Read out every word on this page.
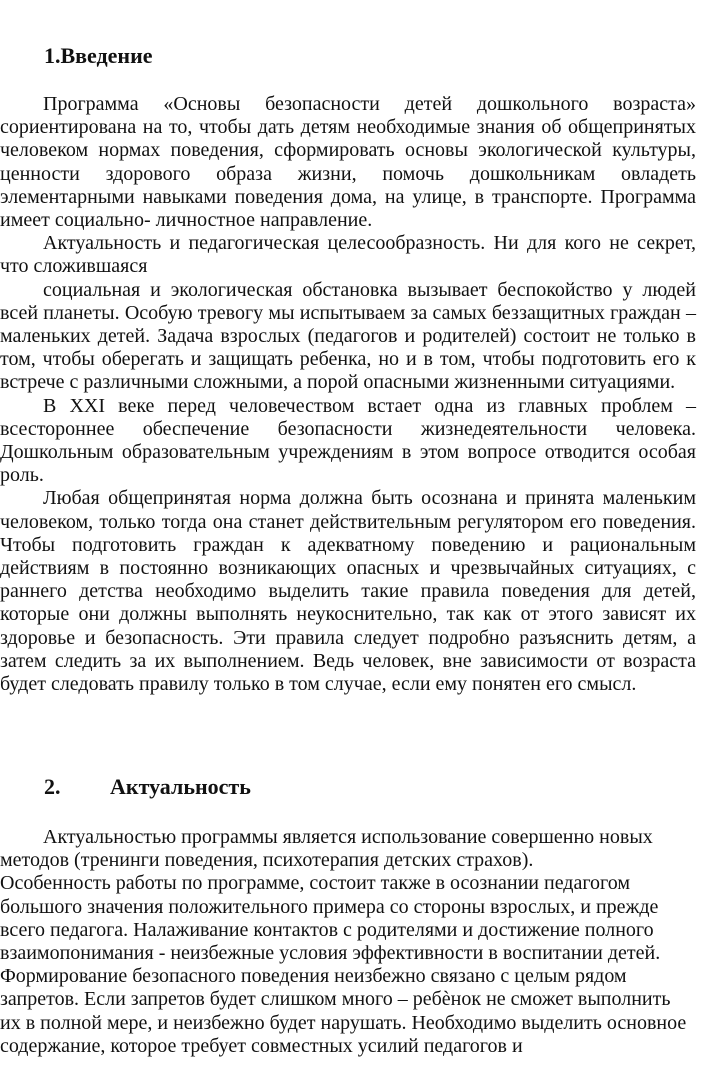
1.Введение

Программа «Основы безопасности детей дошкольного возраста» сориентирована на то, чтобы дать детям необходимые знания об общепринятых человеком нормах поведения, сформировать основы экологической культуры, ценности здорового образа жизни, помочь дошкольникам овладеть элементарными навыками поведения дома, на улице, в транспорте. Программа имеет социально- личностное направление.

Актуальность и педагогическая целесообразность. Ни для кого не секрет, что сложившаяся

социальная и экологическая обстановка вызывает беспокойство у людей всей планеты. Особую тревогу мы испытываем за самых беззащитных граждан – маленьких детей. Задача взрослых (педагогов и родителей) состоит не только в том, чтобы оберегать и защищать ребенка, но и в том, чтобы подготовить его к встрече с различными сложными, а порой опасными жизненными ситуациями.

В XXI веке перед человечеством встает одна из главных проблем – всестороннее обеспечение безопасности жизнедеятельности человека. Дошкольным образовательным учреждениям в этом вопросе отводится особая роль.

Любая общепринятая норма должна быть осознана и принята маленьким человеком, только тогда она станет действительным регулятором его поведения. Чтобы подготовить граждан к адекватному поведению и рациональным действиям в постоянно возникающих опасных и чрезвычайных ситуациях, с раннего детства необходимо выделить такие правила поведения для детей, которые они должны выполнять неукоснительно, так как от этого зависят их здоровье и безопасность. Эти правила следует подробно разъяснить детям, а затем следить за их выполнением. Ведь человек, вне зависимости от возраста будет следовать правилу только в том случае, если ему понятен его смысл.

2.	Актуальность

Актуальностью программы является использование совершенно новых методов (тренинги поведения, психотерапия детских страхов).

Особенность работы по программе, состоит также в осознании педагогом большого значения положительного примера со стороны взрослых, и прежде всего педагога. Налаживание контактов с родителями и достижение полного взаимопонимания - неизбежные условия эффективности в воспитании детей. Формирование безопасного поведения неизбежно связано с целым рядом запретов. Если запретов будет слишком много – ребѐнок не сможет выполнить их в полной мере, и неизбежно будет нарушать. Необходимо выделить основное содержание, которое требует совместных усилий педагогов и
